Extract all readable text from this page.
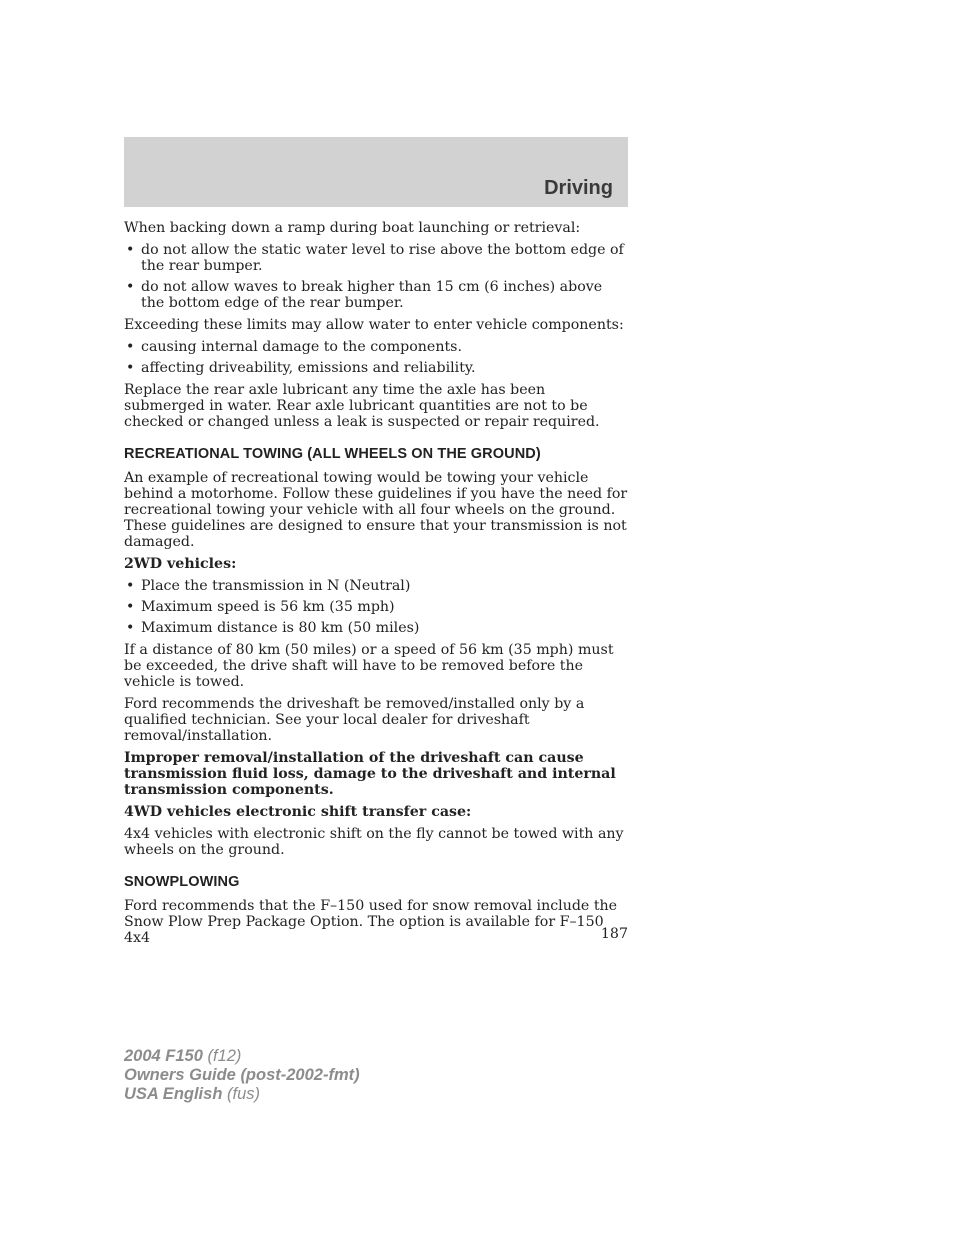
Driving

When backing down a ramp during boat launching or retrieval:

• do not allow the static water level to rise above the bottom edge of the rear bumper.
• do not allow waves to break higher than 15 cm (6 inches) above the bottom edge of the rear bumper.

Exceeding these limits may allow water to enter vehicle components:

• causing internal damage to the components.
• affecting driveability, emissions and reliability.

Replace the rear axle lubricant any time the axle has been submerged in water. Rear axle lubricant quantities are not to be checked or changed unless a leak is suspected or repair required.

RECREATIONAL TOWING (ALL WHEELS ON THE GROUND)

An example of recreational towing would be towing your vehicle behind a motorhome. Follow these guidelines if you have the need for recreational towing your vehicle with all four wheels on the ground. These guidelines are designed to ensure that your transmission is not damaged.

2WD vehicles:

• Place the transmission in N (Neutral)
• Maximum speed is 56 km (35 mph)
• Maximum distance is 80 km (50 miles)

If a distance of 80 km (50 miles) or a speed of 56 km (35 mph) must be exceeded, the drive shaft will have to be removed before the vehicle is towed.

Ford recommends the driveshaft be removed/installed only by a qualified technician. See your local dealer for driveshaft removal/installation.

Improper removal/installation of the driveshaft can cause transmission fluid loss, damage to the driveshaft and internal transmission components.

4WD vehicles electronic shift transfer case:

4x4 vehicles with electronic shift on the fly cannot be towed with any wheels on the ground.

SNOWPLOWING

Ford recommends that the F–150 used for snow removal include the Snow Plow Prep Package Option. The option is available for F–150 4x4	187
2004 F150 (f12)
Owners Guide (post-2002-fmt)
USA English (fus)
